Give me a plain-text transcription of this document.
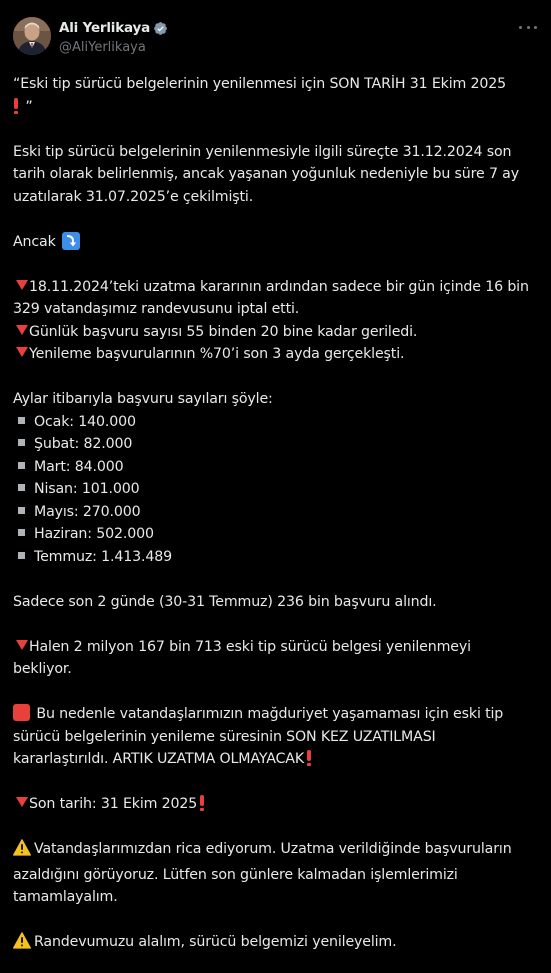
Ali Yerlikaya
@AliYerlikaya

“Eski tip sürücü belgelerinin yenilenmesi için SON TARİH 31 Ekim 2025

”

Eski tip sürücü belgelerinin yenilenmesiyle ilgili süreçte 31.12.2024 son

tarih olarak belirlenmiş, ancak yaşanan yoğunluk nedeniyle bu süre 7 ay

uzatılarak 31.07.2025’e çekilmişti.

Ancak

18.11.2024’teki uzatma kararının ardından sadece bir gün içinde 16 bin

329 vatandaşımız randevusunu iptal etti.

Günlük başvuru sayısı 55 binden 20 bine kadar geriledi.

Yenileme başvurularının %70’i son 3 ayda gerçekleşti.

Aylar itibarıyla başvuru sayıları şöyle:

Ocak: 140.000

Şubat: 82.000

Mart: 84.000

Nisan: 101.000

Mayıs: 270.000

Haziran: 502.000

Temmuz: 1.413.489

Sadece son 2 günde (30-31 Temmuz) 236 bin başvuru alındı.

Halen 2 milyon 167 bin 713 eski tip sürücü belgesi yenilenmeyi

bekliyor.

Bu nedenle vatandaşlarımızın mağduriyet yaşamaması için eski tip

sürücü belgelerinin yenileme süresinin SON KEZ UZATILMASI

kararlaştırıldı. ARTIK UZATMA OLMAYACAK

Son tarih: 31 Ekim 2025

Vatandaşlarımızdan rica ediyorum. Uzatma verildiğinde başvuruların

azaldığını görüyoruz. Lütfen son günlere kalmadan işlemlerimizi

tamamlayalım.

Randevumuzu alalım, sürücü belgemizi yenileyelim.
